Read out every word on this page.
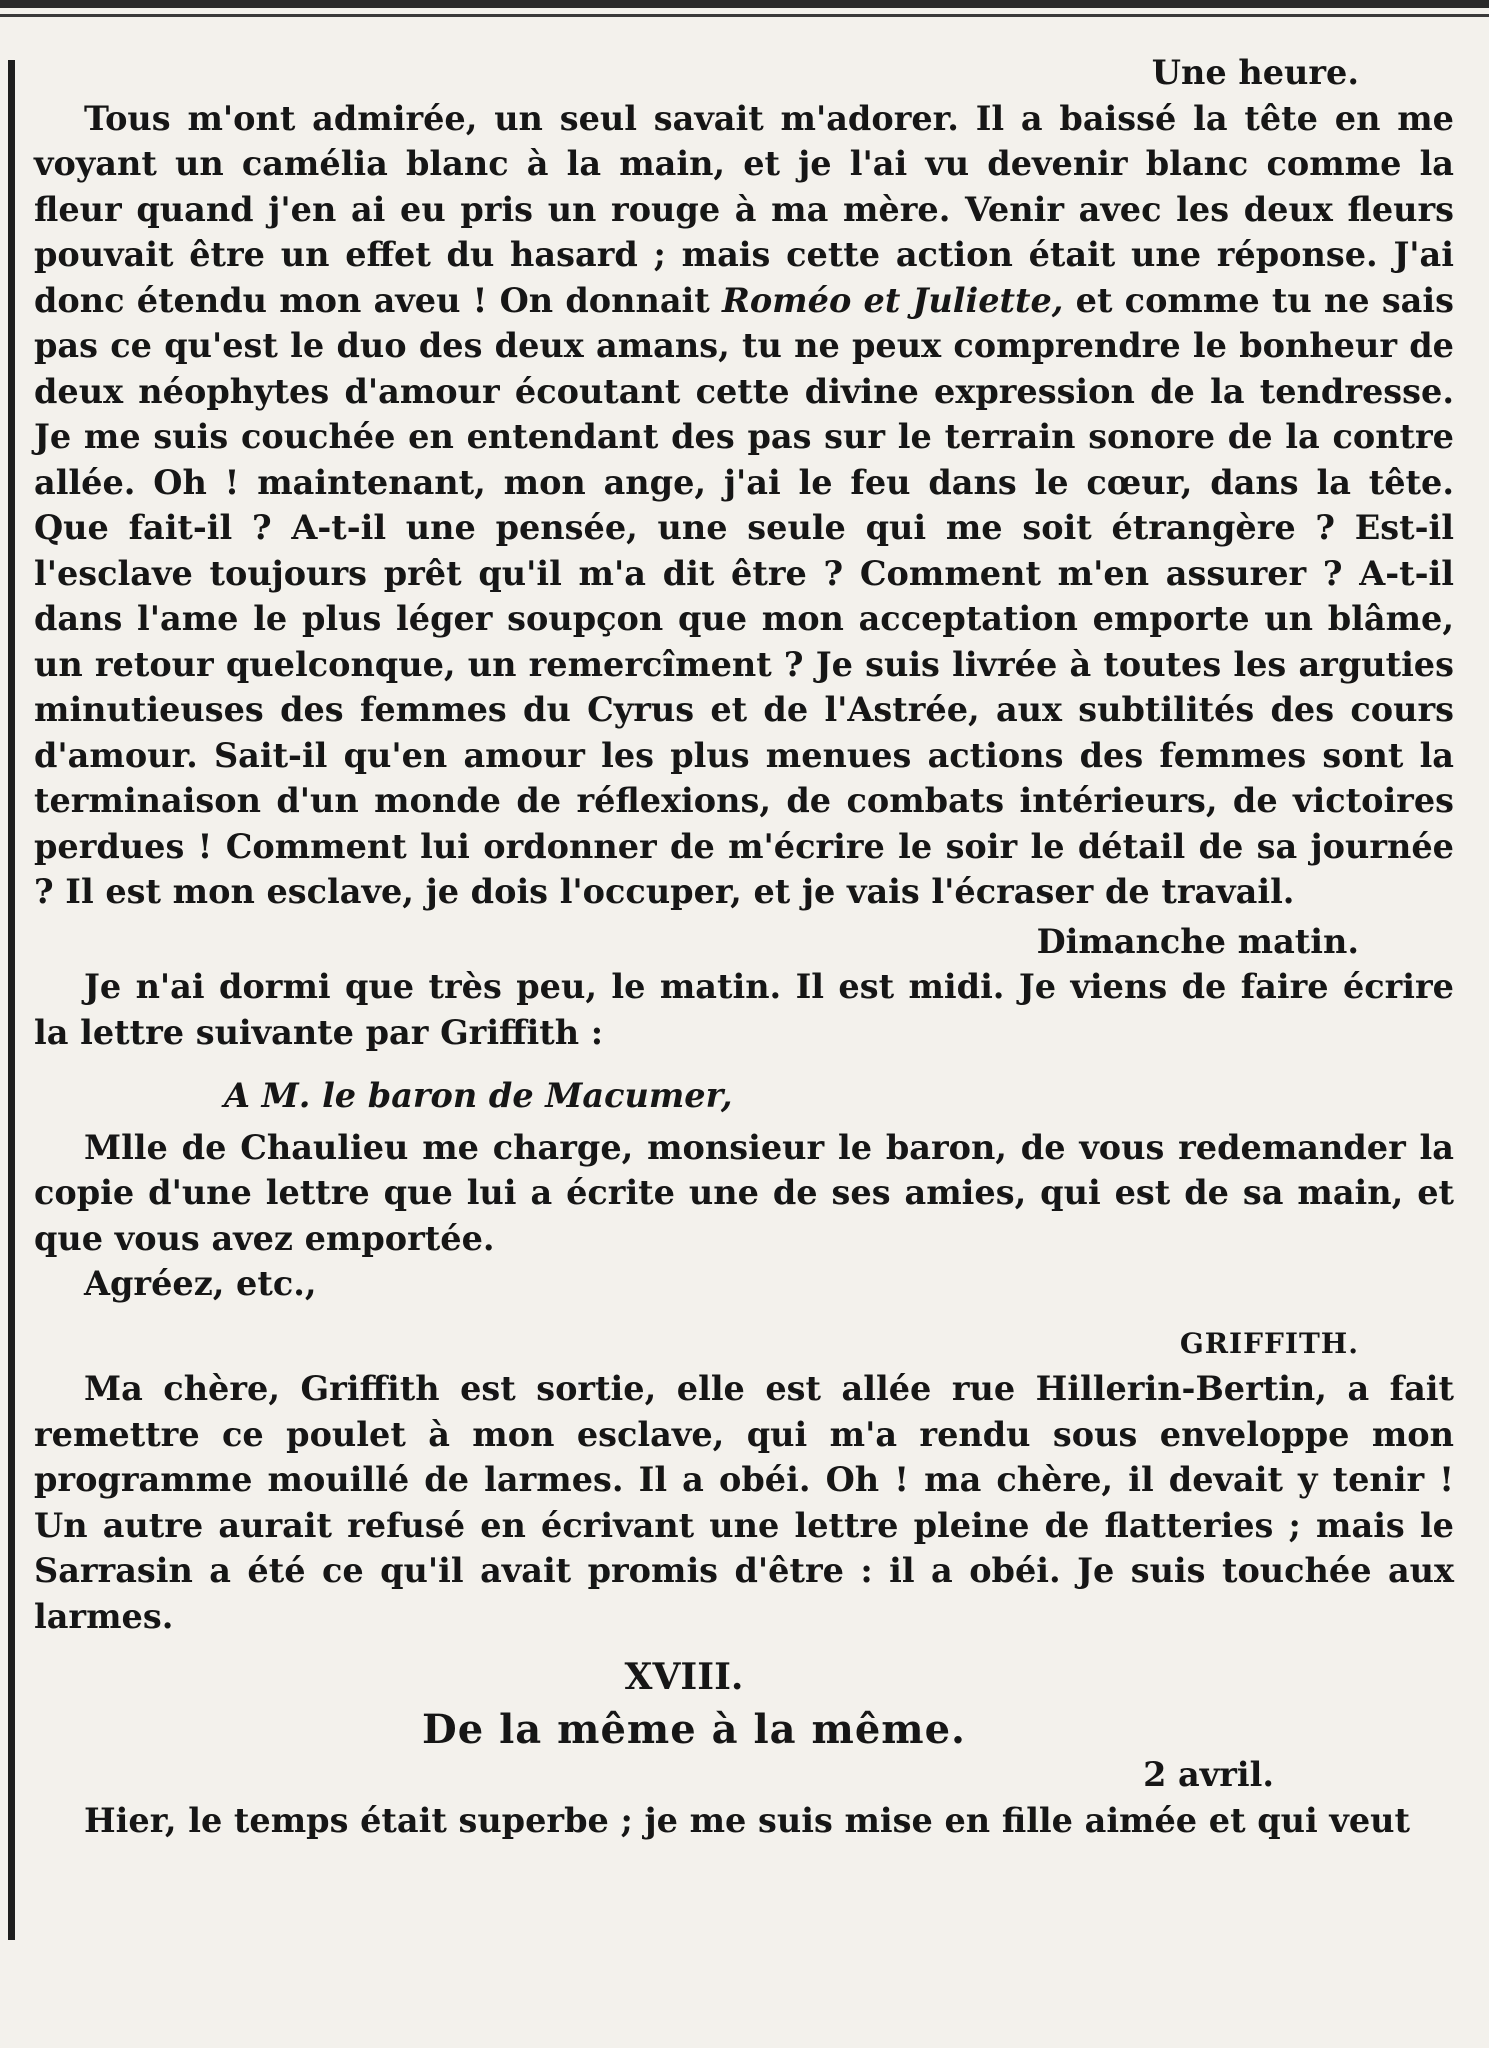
Une heure.

Tous m'ont admirée, un seul savait m'adorer. Il a baissé la tête en me voyant un camélia blanc à la main, et je l'ai vu devenir blanc comme la fleur quand j'en ai eu pris un rouge à ma mère. Venir avec les deux fleurs pouvait être un effet du hasard ; mais cette action était une réponse. J'ai donc étendu mon aveu ! On donnait Roméo et Juliette, et comme tu ne sais pas ce qu'est le duo des deux amans, tu ne peux comprendre le bonheur de deux néophytes d'amour écoutant cette divine expression de la tendresse. Je me suis couchée en entendant des pas sur le terrain sonore de la contre allée. Oh ! maintenant, mon ange, j'ai le feu dans le cœur, dans la tête. Que fait-il ? A-t-il une pensée, une seule qui me soit étrangère ? Est-il l'esclave toujours prêt qu'il m'a dit être ? Comment m'en assurer ? A-t-il dans l'ame le plus léger soupçon que mon acceptation emporte un blâme, un retour quelconque, un remercîment ? Je suis livrée à toutes les arguties minutieuses des femmes du Cyrus et de l'Astrée, aux subtilités des cours d'amour. Sait-il qu'en amour les plus menues actions des femmes sont la terminaison d'un monde de réflexions, de combats intérieurs, de victoires perdues ! Comment lui ordonner de m'écrire le soir le détail de sa journée ? Il est mon esclave, je dois l'occuper, et je vais l'écraser de travail.

Dimanche matin.

Je n'ai dormi que très peu, le matin. Il est midi. Je viens de faire écrire la lettre suivante par Griffith :

A M. le baron de Macumer,

Mlle de Chaulieu me charge, monsieur le baron, de vous redemander la copie d'une lettre que lui a écrite une de ses amies, qui est de sa main, et que vous avez emportée.

Agréez, etc.,

GRIFFITH.

Ma chère, Griffith est sortie, elle est allée rue Hillerin-Bertin, a fait remettre ce poulet à mon esclave, qui m'a rendu sous enveloppe mon programme mouillé de larmes. Il a obéi. Oh ! ma chère, il devait y tenir ! Un autre aurait refusé en écrivant une lettre pleine de flatteries ; mais le Sarrasin a été ce qu'il avait promis d'être : il a obéi. Je suis touchée aux larmes.

XVIII.

De la même à la même.

2 avril.

Hier, le temps était superbe ; je me suis mise en fille aimée et qui veut
